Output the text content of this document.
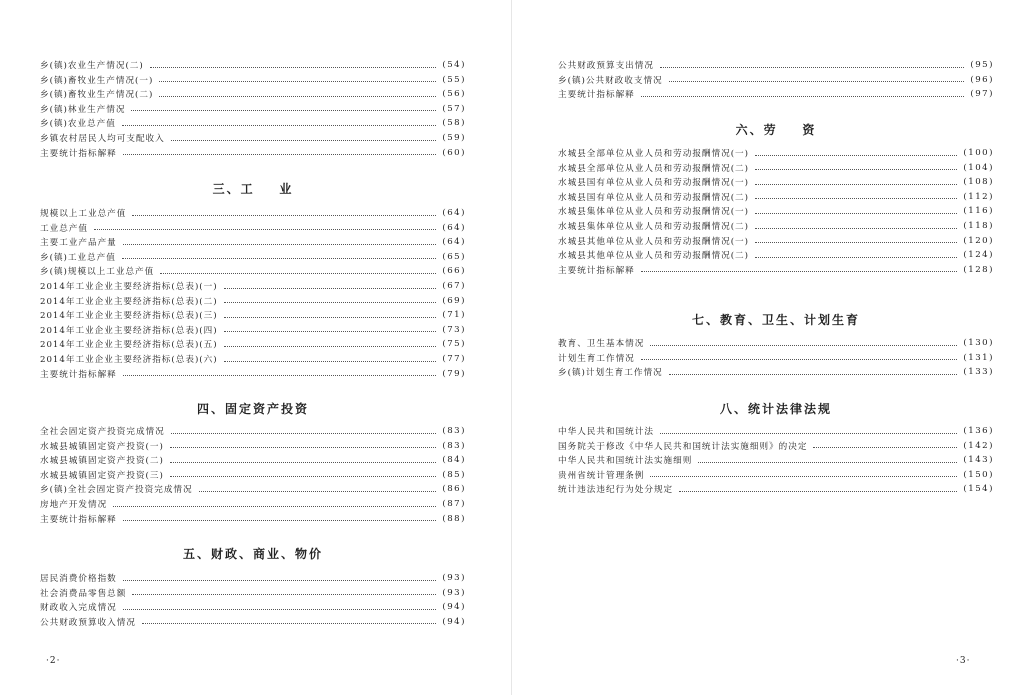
乡(镇)农业生产情况(二)	(54)
乡(镇)畜牧业生产情况(一)	(55)
乡(镇)畜牧业生产情况(二)	(56)
乡(镇)林业生产情况	(57)
乡(镇)农业总产值	(58)
乡镇农村居民人均可支配收入	(59)
主要统计指标解释	(60)
三、工    业
规模以上工业总产值	(64)
工业总产值	(64)
主要工业产品产量	(64)
乡(镇)工业总产值	(65)
乡(镇)规模以上工业总产值	(66)
2014年工业企业主要经济指标(总表)(一)	(67)
2014年工业企业主要经济指标(总表)(二)	(69)
2014年工业企业主要经济指标(总表)(三)	(71)
2014年工业企业主要经济指标(总表)(四)	(73)
2014年工业企业主要经济指标(总表)(五)	(75)
2014年工业企业主要经济指标(总表)(六)	(77)
主要统计指标解释	(79)
四、固定资产投资
全社会固定资产投资完成情况	(83)
水城县城镇固定资产投资(一)	(83)
水城县城镇固定资产投资(二)	(84)
水城县城镇固定资产投资(三)	(85)
乡(镇)全社会固定资产投资完成情况	(86)
房地产开发情况	(87)
主要统计指标解释	(88)
五、财政、商业、物价
居民消费价格指数	(93)
社会消费品零售总额	(93)
财政收入完成情况	(94)
公共财政预算收入情况	(94)
·2·
公共财政预算支出情况	(95)
乡(镇)公共财政收支情况	(96)
主要统计指标解释	(97)
六、劳    资
水城县全部单位从业人员和劳动报酬情况(一)	(100)
水城县全部单位从业人员和劳动报酬情况(二)	(104)
水城县国有单位从业人员和劳动报酬情况(一)	(108)
水城县国有单位从业人员和劳动报酬情况(二)	(112)
水城县集体单位从业人员和劳动报酬情况(一)	(116)
水城县集体单位从业人员和劳动报酬情况(二)	(118)
水城县其他单位从业人员和劳动报酬情况(一)	(120)
水城县其他单位从业人员和劳动报酬情况(二)	(124)
主要统计指标解释	(128)
七、教育、卫生、计划生育
教育、卫生基本情况	(130)
计划生育工作情况	(131)
乡(镇)计划生育工作情况	(133)
八、统计法律法规
中华人民共和国统计法	(136)
国务院关于修改《中华人民共和国统计法实施细则》的决定	(142)
中华人民共和国统计法实施细则	(143)
贵州省统计管理条例	(150)
统计违法违纪行为处分规定	(154)
·3·
